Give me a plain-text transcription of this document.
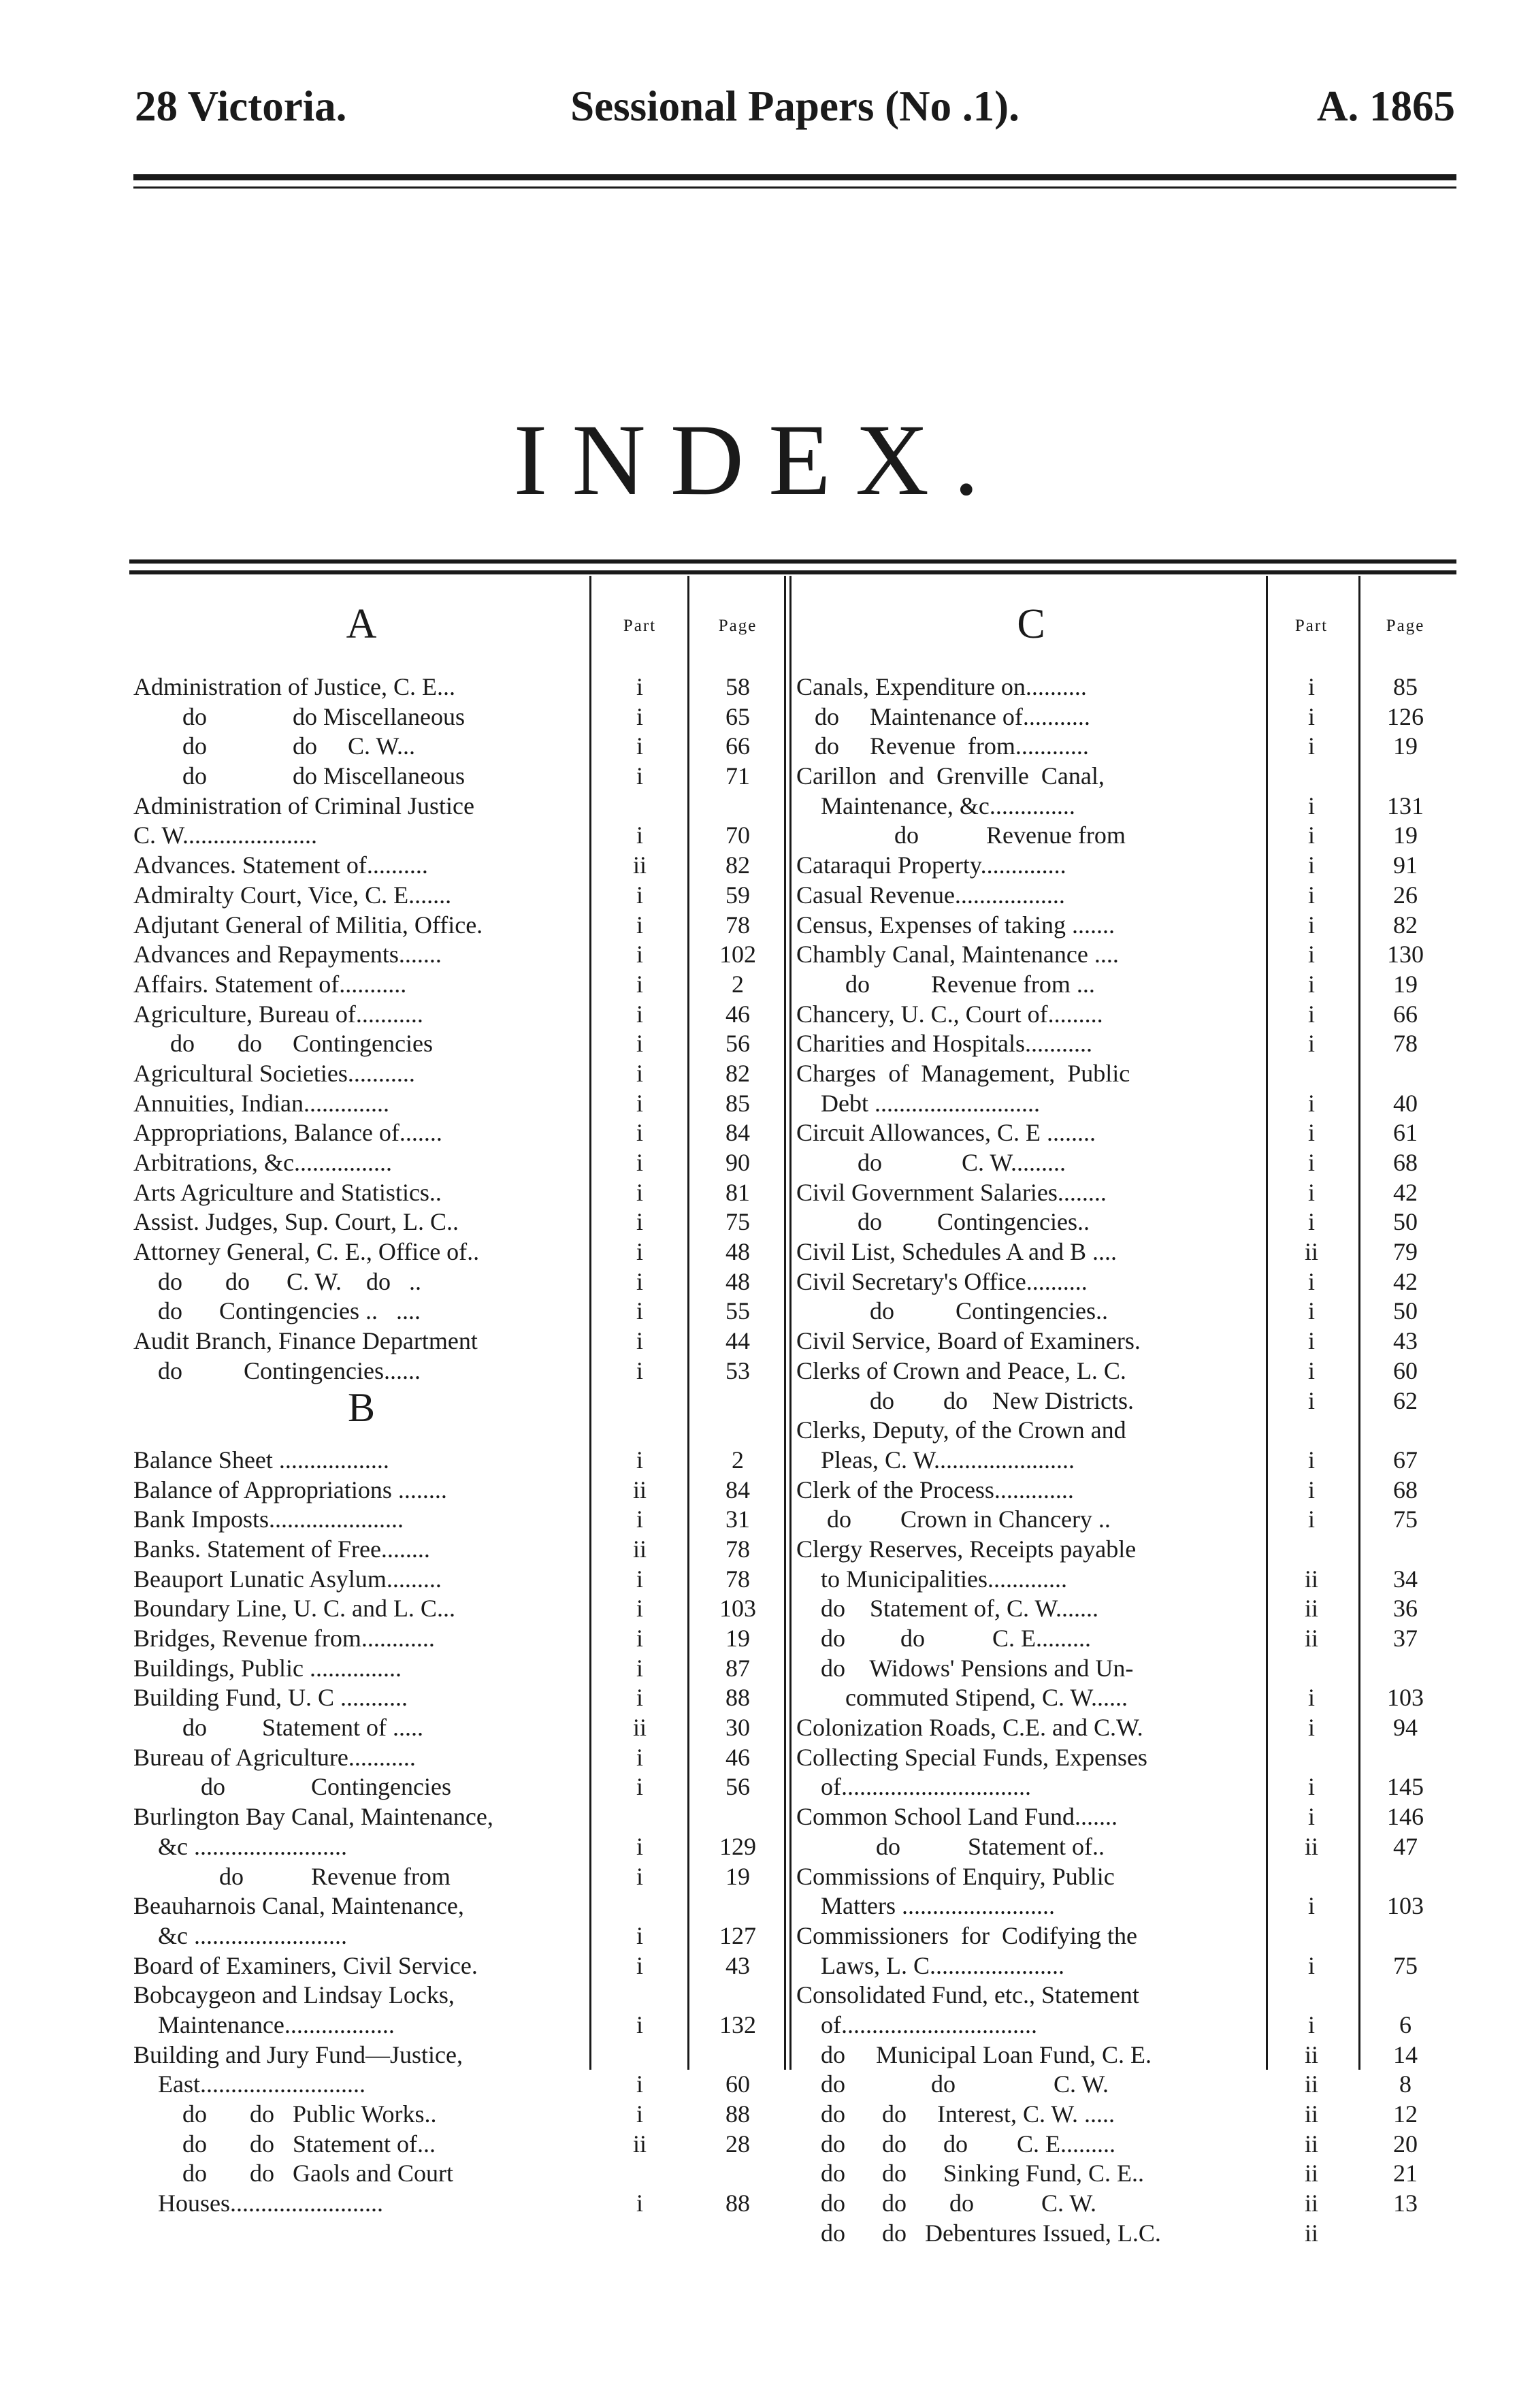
28 Victoria.	Sessional Papers (No .1).	A. 1865
INDEX.
A	Part	Page	C	Part	Page
Administration of Justice, C. E...	i	58
do              do Miscellaneous	i	65
do              do     C. W...	i	66
do              do Miscellaneous	i	71
Administration of Criminal Justice
C. W......................	i	70
Advances. Statement of..........	ii	82
Admiralty Court, Vice, C. E.......	i	59
Adjutant General of Militia, Office.	i	78
Advances and Repayments.......	i	102
Affairs. Statement of...........	i	2
Agriculture, Bureau of...........	i	46
do       do     Contingencies	i	56
Agricultural Societies...........	i	82
Annuities, Indian..............	i	85
Appropriations, Balance of.......	i	84
Arbitrations, &c................	i	90
Arts Agriculture and Statistics..	i	81
Assist. Judges, Sup. Court, L. C..	i	75
Attorney General, C. E., Office of..	i	48
do       do      C. W.    do   ..	i	48
do      Contingencies ..   ....	i	55
Audit Branch, Finance Department	i	44
do          Contingencies......	i	53
B
Balance Sheet ..................	i	2
Balance of Appropriations ........	ii	84
Bank Imposts......................	i	31
Banks. Statement of Free........	ii	78
Beauport Lunatic Asylum.........	i	78
Boundary Line, U. C. and L. C...	i	103
Bridges, Revenue from............	i	19
Buildings, Public ...............	i	87
Building Fund, U. C ...........	i	88
do         Statement of .....	ii	30
Bureau of Agriculture...........	i	46
do              Contingencies	i	56
Burlington Bay Canal, Maintenance,
&c .........................	i	129
do           Revenue from	i	19
Beauharnois Canal, Maintenance,
&c .........................	i	127
Board of Examiners, Civil Service.	i	43
Bobcaygeon and Lindsay Locks,
Maintenance..................	i	132
Building and Jury Fund—Justice,
East...........................	i	60
do       do   Public Works..	i	88
do       do   Statement of...	ii	28
do       do   Gaols and Court
Houses.........................	i	88
Canals, Expenditure on..........	i	85
do     Maintenance of...........	i	126
do     Revenue  from............	i	19
Carillon  and  Grenville  Canal,
Maintenance, &c..............	i	131
do           Revenue from	i	19
Cataraqui Property..............	i	91
Casual Revenue..................	i	26
Census, Expenses of taking .......	i	82
Chambly Canal, Maintenance ....	i	130
do          Revenue from ...	i	19
Chancery, U. C., Court of.........	i	66
Charities and Hospitals...........	i	78
Charges  of  Management,  Public
Debt ...........................	i	40
Circuit Allowances, C. E ........	i	61
do             C. W.........	i	68
Civil Government Salaries........	i	42
do         Contingencies..	i	50
Civil List, Schedules A and B ....	ii	79
Civil Secretary's Office..........	i	42
do          Contingencies..	i	50
Civil Service, Board of Examiners.	i	43
Clerks of Crown and Peace, L. C.	i	60
do        do    New Districts.	i	62
Clerks, Deputy, of the Crown and
Pleas, C. W.......................	i	67
Clerk of the Process.............	i	68
do        Crown in Chancery ..	i	75
Clergy Reserves, Receipts payable
to Municipalities.............	ii	34
do    Statement of, C. W.......	ii	36
do         do           C. E.........	ii	37
do    Widows' Pensions and Un-
commuted Stipend, C. W......	i	103
Colonization Roads, C.E. and C.W.	i	94
Collecting Special Funds, Expenses
of...............................	i	145
Common School Land Fund.......	i	146
do           Statement of..	ii	47
Commissions of Enquiry, Public
Matters .........................	i	103
Commissioners  for  Codifying the
Laws, L. C......................	i	75
Consolidated Fund, etc., Statement
of................................	i	6
do     Municipal Loan Fund, C. E.	ii	14
do              do                C. W.	ii	8
do      do     Interest, C. W. .....	ii	12
do      do      do        C. E.........	ii	20
do      do      Sinking Fund, C. E..	ii	21
do      do       do           C. W.	ii	13
do      do   Debentures Issued, L.C.	ii
